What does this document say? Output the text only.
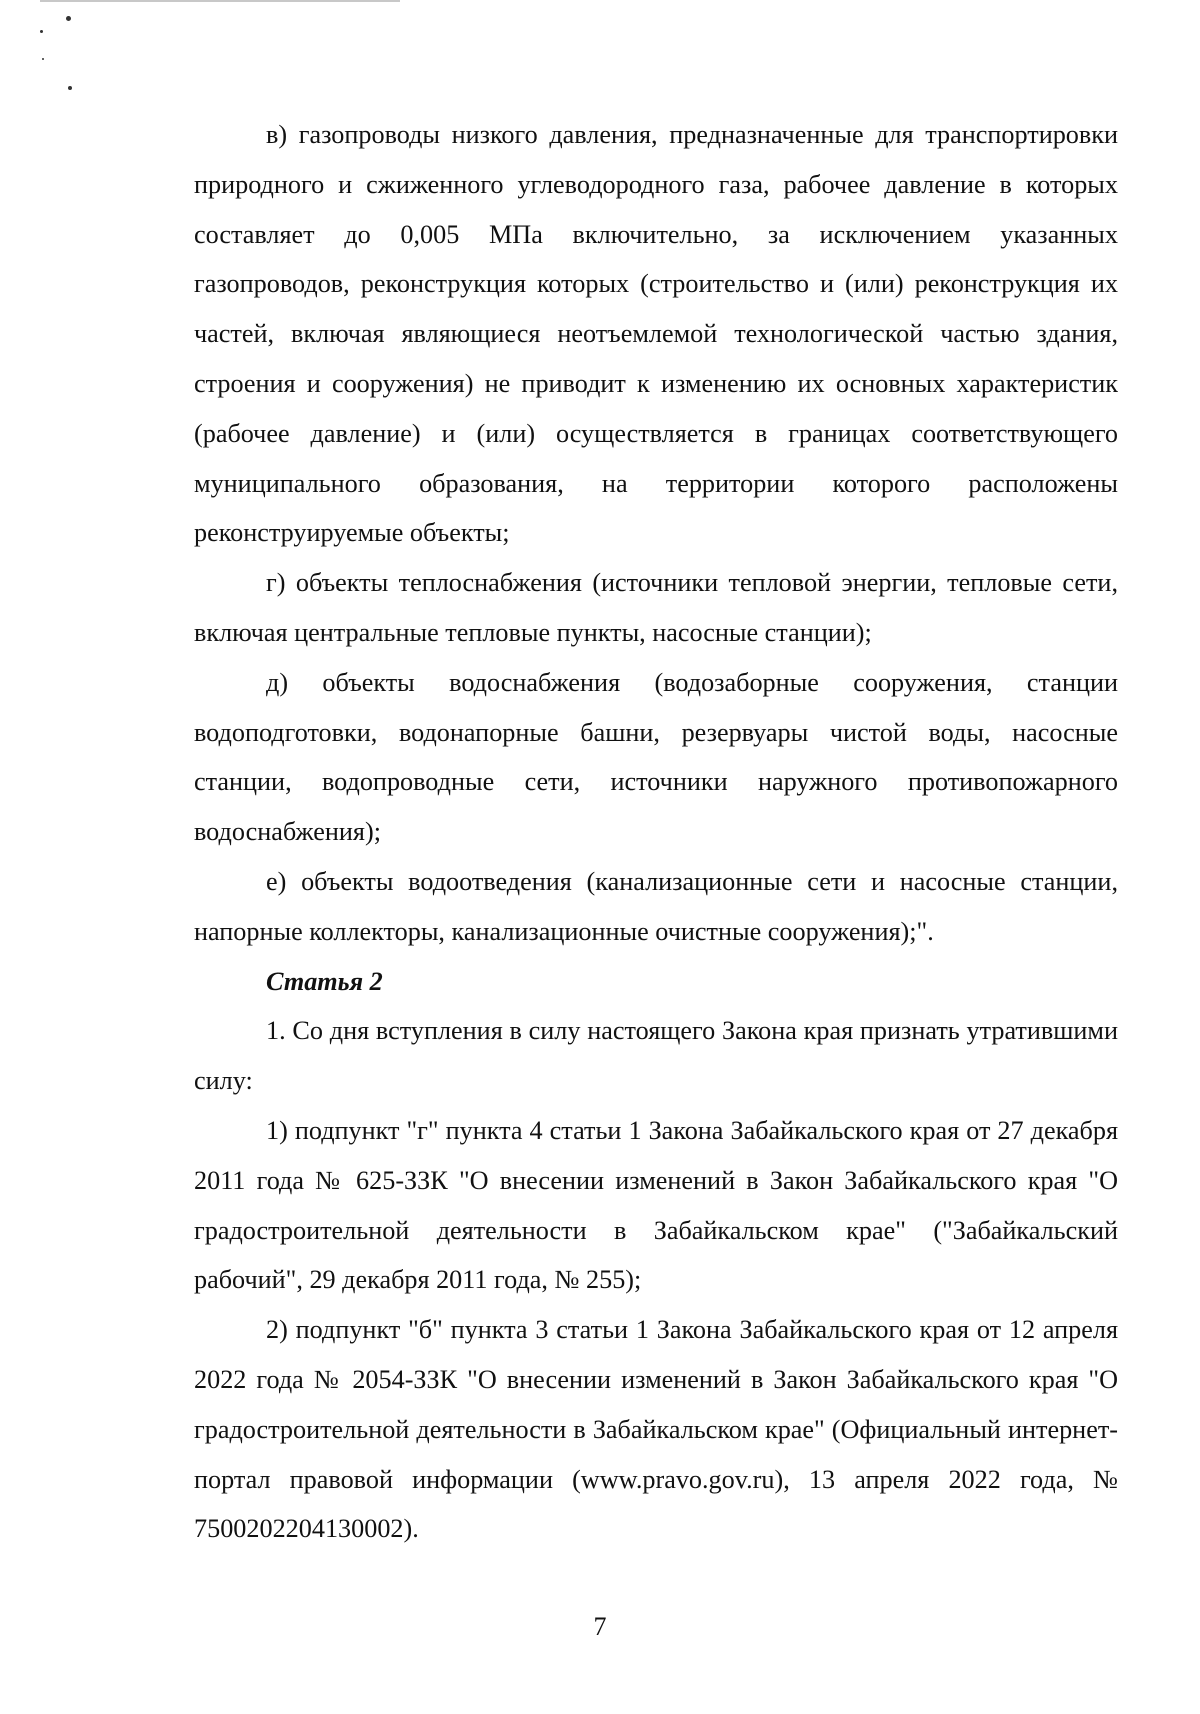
в) газопроводы низкого давления, предназначенные для транспортировки природного и сжиженного углеводородного газа, рабочее давление в которых составляет до 0,005 МПа включительно, за исключением указанных газопроводов, реконструкция которых (строительство и (или) реконструкция их частей, включая являющиеся неотъемлемой технологической частью здания, строения и сооружения) не приводит к изменению их основных характеристик (рабочее давление) и (или) осуществляется в границах соответствующего муниципального образования, на территории которого расположены реконструируемые объекты;

г) объекты теплоснабжения (источники тепловой энергии, тепловые сети, включая центральные тепловые пункты, насосные станции);

д) объекты водоснабжения (водозаборные сооружения, станции водоподготовки, водонапорные башни, резервуары чистой воды, насосные станции, водопроводные сети, источники наружного противопожарного водоснабжения);

е) объекты водоотведения (канализационные сети и насосные станции, напорные коллекторы, канализационные очистные сооружения);".

Статья 2

1. Со дня вступления в силу настоящего Закона края признать утратившими силу:

1) подпункт "г" пункта 4 статьи 1 Закона Забайкальского края от 27 декабря 2011 года № 625-ЗЗК "О внесении изменений в Закон Забайкальского края "О градостроительной деятельности в Забайкальском крае" ("Забайкальский рабочий", 29 декабря 2011 года, № 255);

2) подпункт "б" пункта 3 статьи 1 Закона Забайкальского края от 12 апреля 2022 года № 2054-ЗЗК "О внесении изменений в Закон Забайкальского края "О градостроительной деятельности в Забайкальском крае" (Официальный интернет-портал правовой информации (www.pravo.gov.ru), 13 апреля 2022 года, № 7500202204130002).

7
